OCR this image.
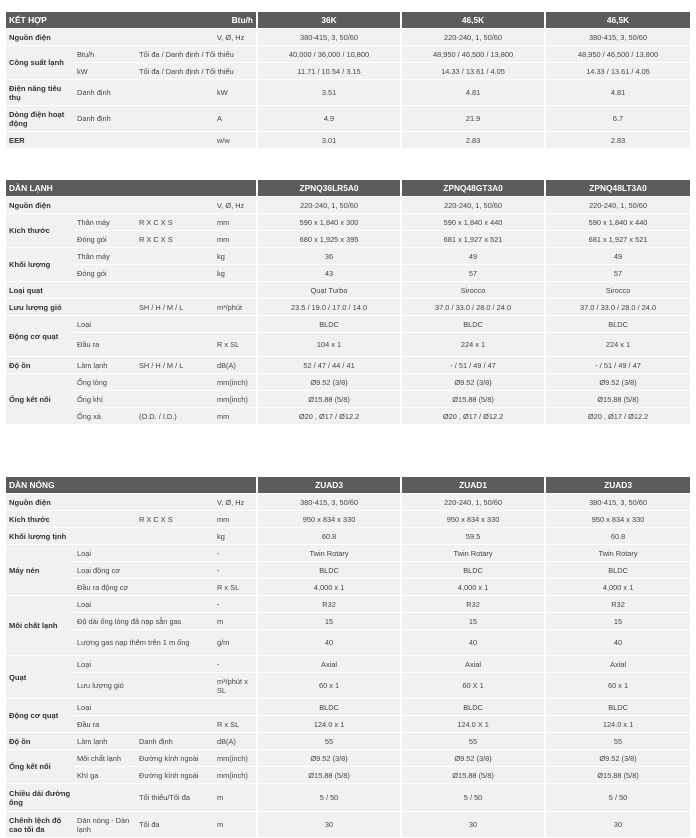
KẾT HỢP			Btu/h	36K	46,5K	46,5K
Nguồn điện			V, Ø, Hz	380-415, 3, 50/60	220-240, 1, 50/60	380-415, 3, 50/60
Công suất lạnh	Btu/h	Tối đa / Danh định / Tối thiểu		40,000 / 36,000 / 10,800	48,950 / 46,500 / 13,800	48,950 / 46,500 / 13,800
	kW	Tối đa / Danh định / Tối thiểu		11.71 / 10.54 / 3.15	14.33 / 13.61 / 4.05	14.33 / 13.61 / 4.05
Điện năng tiêu thụ	Danh định		kW	3.51	4.81	4.81
Dòng điện hoạt động	Danh định		A	4.9	21.9	6.7
EER			w/w	3.01	2.83	2.83
DÀN LẠNH				ZPNQ36LR5A0	ZPNQ48GT3A0	ZPNQ48LT3A0
Nguồn điện			V, Ø, Hz	220-240, 1, 50/60	220-240, 1, 50/60	220-240, 1, 50/60
Kích thước	Thân máy	R X C X S	mm	590 x 1,840 x 300	590 x 1,840 x 440	590 x 1,840 x 440
	Đóng gói	R X C X S	mm	680 x 1,925 x 395	681 x 1,927 x 521	681 x 1,927 x 521
Khối lượng	Thân máy		kg	36	49	49
	Đóng gói		kg	43	57	57
Loại quạt				Quạt Turbo	Sirocco	Sirocco
Lưu lượng gió		SH / H / M / L	m³/phút	23.5 / 19.0 / 17.0 / 14.0	37.0 / 33.0 / 28.0 / 24.0	37.0 / 33.0 / 28.0 / 24.0
Động cơ quạt	Loại			BLDC	BLDC	BLDC
	Đầu ra		R x SL	104 x 1	224 x 1	224 x 1
Độ ồn	Làm lạnh	SH / H / M / L	dB(A)	52 / 47 / 44 / 41	- / 51 / 49 / 47	- / 51 / 49 / 47
Ống kết nối	Ống lỏng		mm(inch)	Ø9.52 (3/8)	Ø9.52 (3/8)	Ø9.52 (3/8)
	Ống khí		mm(inch)	Ø15.88 (5/8)	Ø15.88 (5/8)	Ø15.88 (5/8)
	Ống xả	(O.D. / I.D.)	mm	Ø20 , Ø17 / Ø12.2	Ø20 , Ø17 / Ø12.2	Ø20 , Ø17 / Ø12.2
DÀN NÓNG				ZUAD3	ZUAD1	ZUAD3
Nguồn điện			V, Ø, Hz	380-415, 3, 50/60	220-240, 1, 50/60	380-415, 3, 50/60
Kích thước		R X C X S	mm	950 x 834 x 330	950 x 834 x 330	950 x 834 x 330
Khối lượng tịnh			kg	60.8	59.5	60.8
Máy nén	Loại		-	Twin Rotary	Twin Rotary	Twin Rotary
	Loại động cơ		-	BLDC	BLDC	BLDC
	Đầu ra động cơ		R x SL	4,000 x 1	4,000 x 1	4,000 x 1
Môi chất lạnh	Loại		-	R32	R32	R32
	Độ dài ống lỏng đã nạp sẵn gas		m	15	15	15
	Lượng gas nạp thêm trên 1 m ống		g/m	40	40	40
Quạt	Loại		-	Axial	Axial	Axial
	Lưu lượng gió		m³/phút x SL	60 x 1	60 X 1	60 x 1
Động cơ quạt	Loại			BLDC	BLDC	BLDC
	Đầu ra		R x SL	124.0 x 1	124.0 X 1	124.0 x 1
Độ ồn	Làm lạnh	Danh định	dB(A)	55	55	55
Ống kết nối	Môi chất lạnh	Đường kính ngoài	mm(inch)	Ø9.52 (3/8)	Ø9.52 (3/8)	Ø9.52 (3/8)
	Khí ga	Đường kính ngoài	mm(inch)	Ø15.88 (5/8)	Ø15.88 (5/8)	Ø15.88 (5/8)
Chiều dài đường ống		Tối thiểu/Tối đa	m	5 / 50	5 / 50	5 / 50
Chênh lệch độ cao tối đa	Dàn nóng - Dàn lạnh	Tối đa	m	30	30	30
